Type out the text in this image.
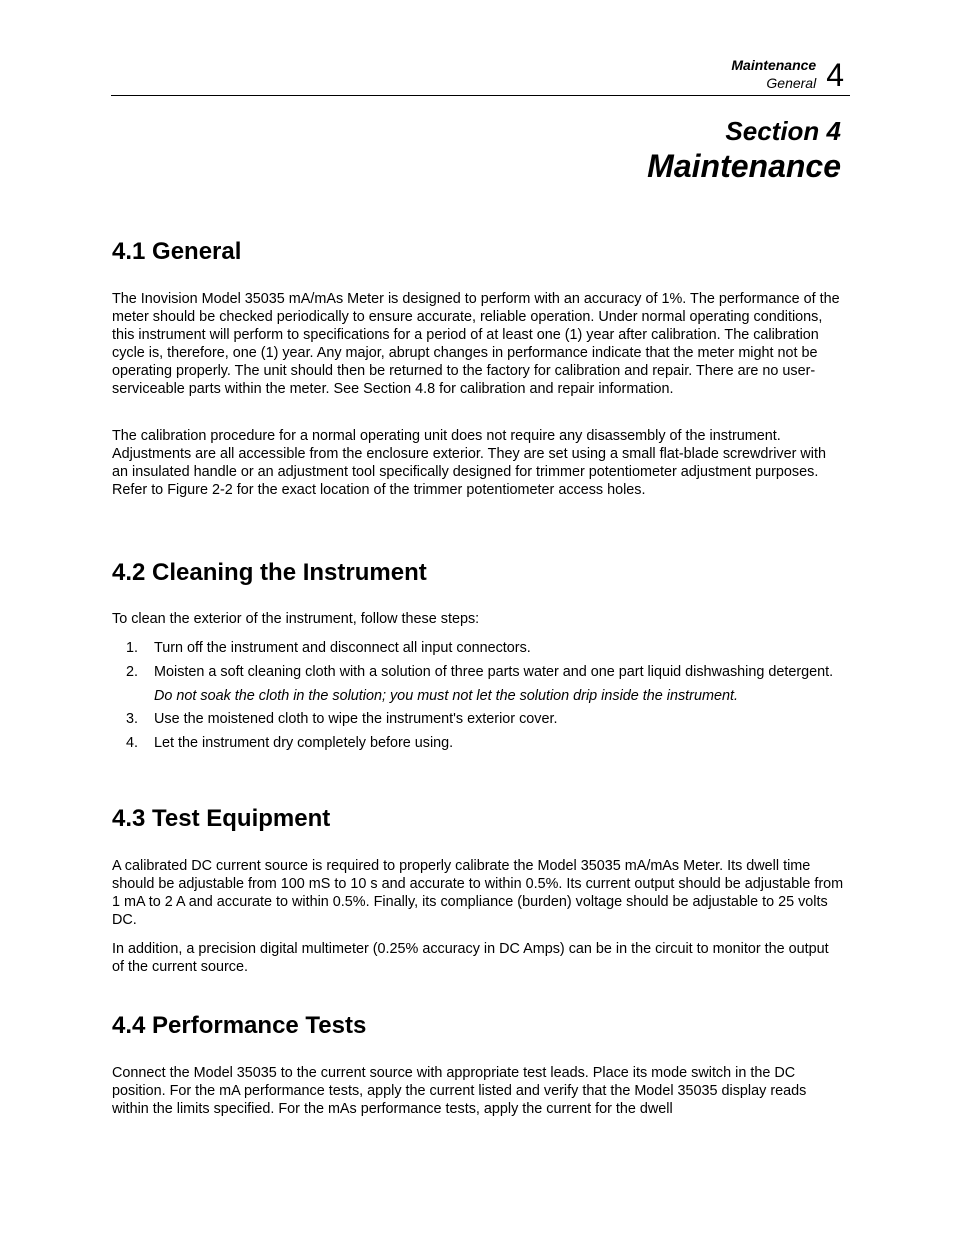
Maintenance
General 4
Section 4
Maintenance
4.1 General

The Inovision Model 35035 mA/mAs Meter is designed to perform with an accuracy of 1%. The performance of the meter should be checked periodically to ensure accurate, reliable operation. Under normal operating conditions, this instrument will perform to specifications for a period of at least one (1) year after calibration. The calibration cycle is, therefore, one (1) year. Any major, abrupt changes in performance indicate that the meter might not be operating properly. The unit should then be returned to the factory for calibration and repair. There are no user-serviceable parts within the meter. See Section 4.8 for calibration and repair information.

The calibration procedure for a normal operating unit does not require any disassembly of the instrument. Adjustments are all accessible from the enclosure exterior. They are set using a small flat-blade screwdriver with an insulated handle or an adjustment tool specifically designed for trimmer potentiometer adjustment purposes. Refer to Figure 2-2 for the exact location of the trimmer potentiometer access holes.

4.2 Cleaning the Instrument

To clean the exterior of the instrument, follow these steps:

1. Turn off the instrument and disconnect all input connectors.
2. Moisten a soft cleaning cloth with a solution of three parts water and one part liquid dishwashing detergent.
Do not soak the cloth in the solution; you must not let the solution drip inside the instrument.
3. Use the moistened cloth to wipe the instrument's exterior cover.
4. Let the instrument dry completely before using.
4.3 Test Equipment

A calibrated DC current source is required to properly calibrate the Model 35035 mA/mAs Meter. Its dwell time should be adjustable from 100 mS to 10 s and accurate to within 0.5%. Its current output should be adjustable from 1 mA to 2 A and accurate to within 0.5%. Finally, its compliance (burden) voltage should be adjustable to 25 volts DC.

In addition, a precision digital multimeter (0.25% accuracy in DC Amps) can be in the circuit to monitor the output of the current source.

4.4 Performance Tests

Connect the Model 35035 to the current source with appropriate test leads. Place its mode switch in the DC position. For the mA performance tests, apply the current listed and verify that the Model 35035 display reads within the limits specified. For the mAs performance tests, apply the current for the dwell
